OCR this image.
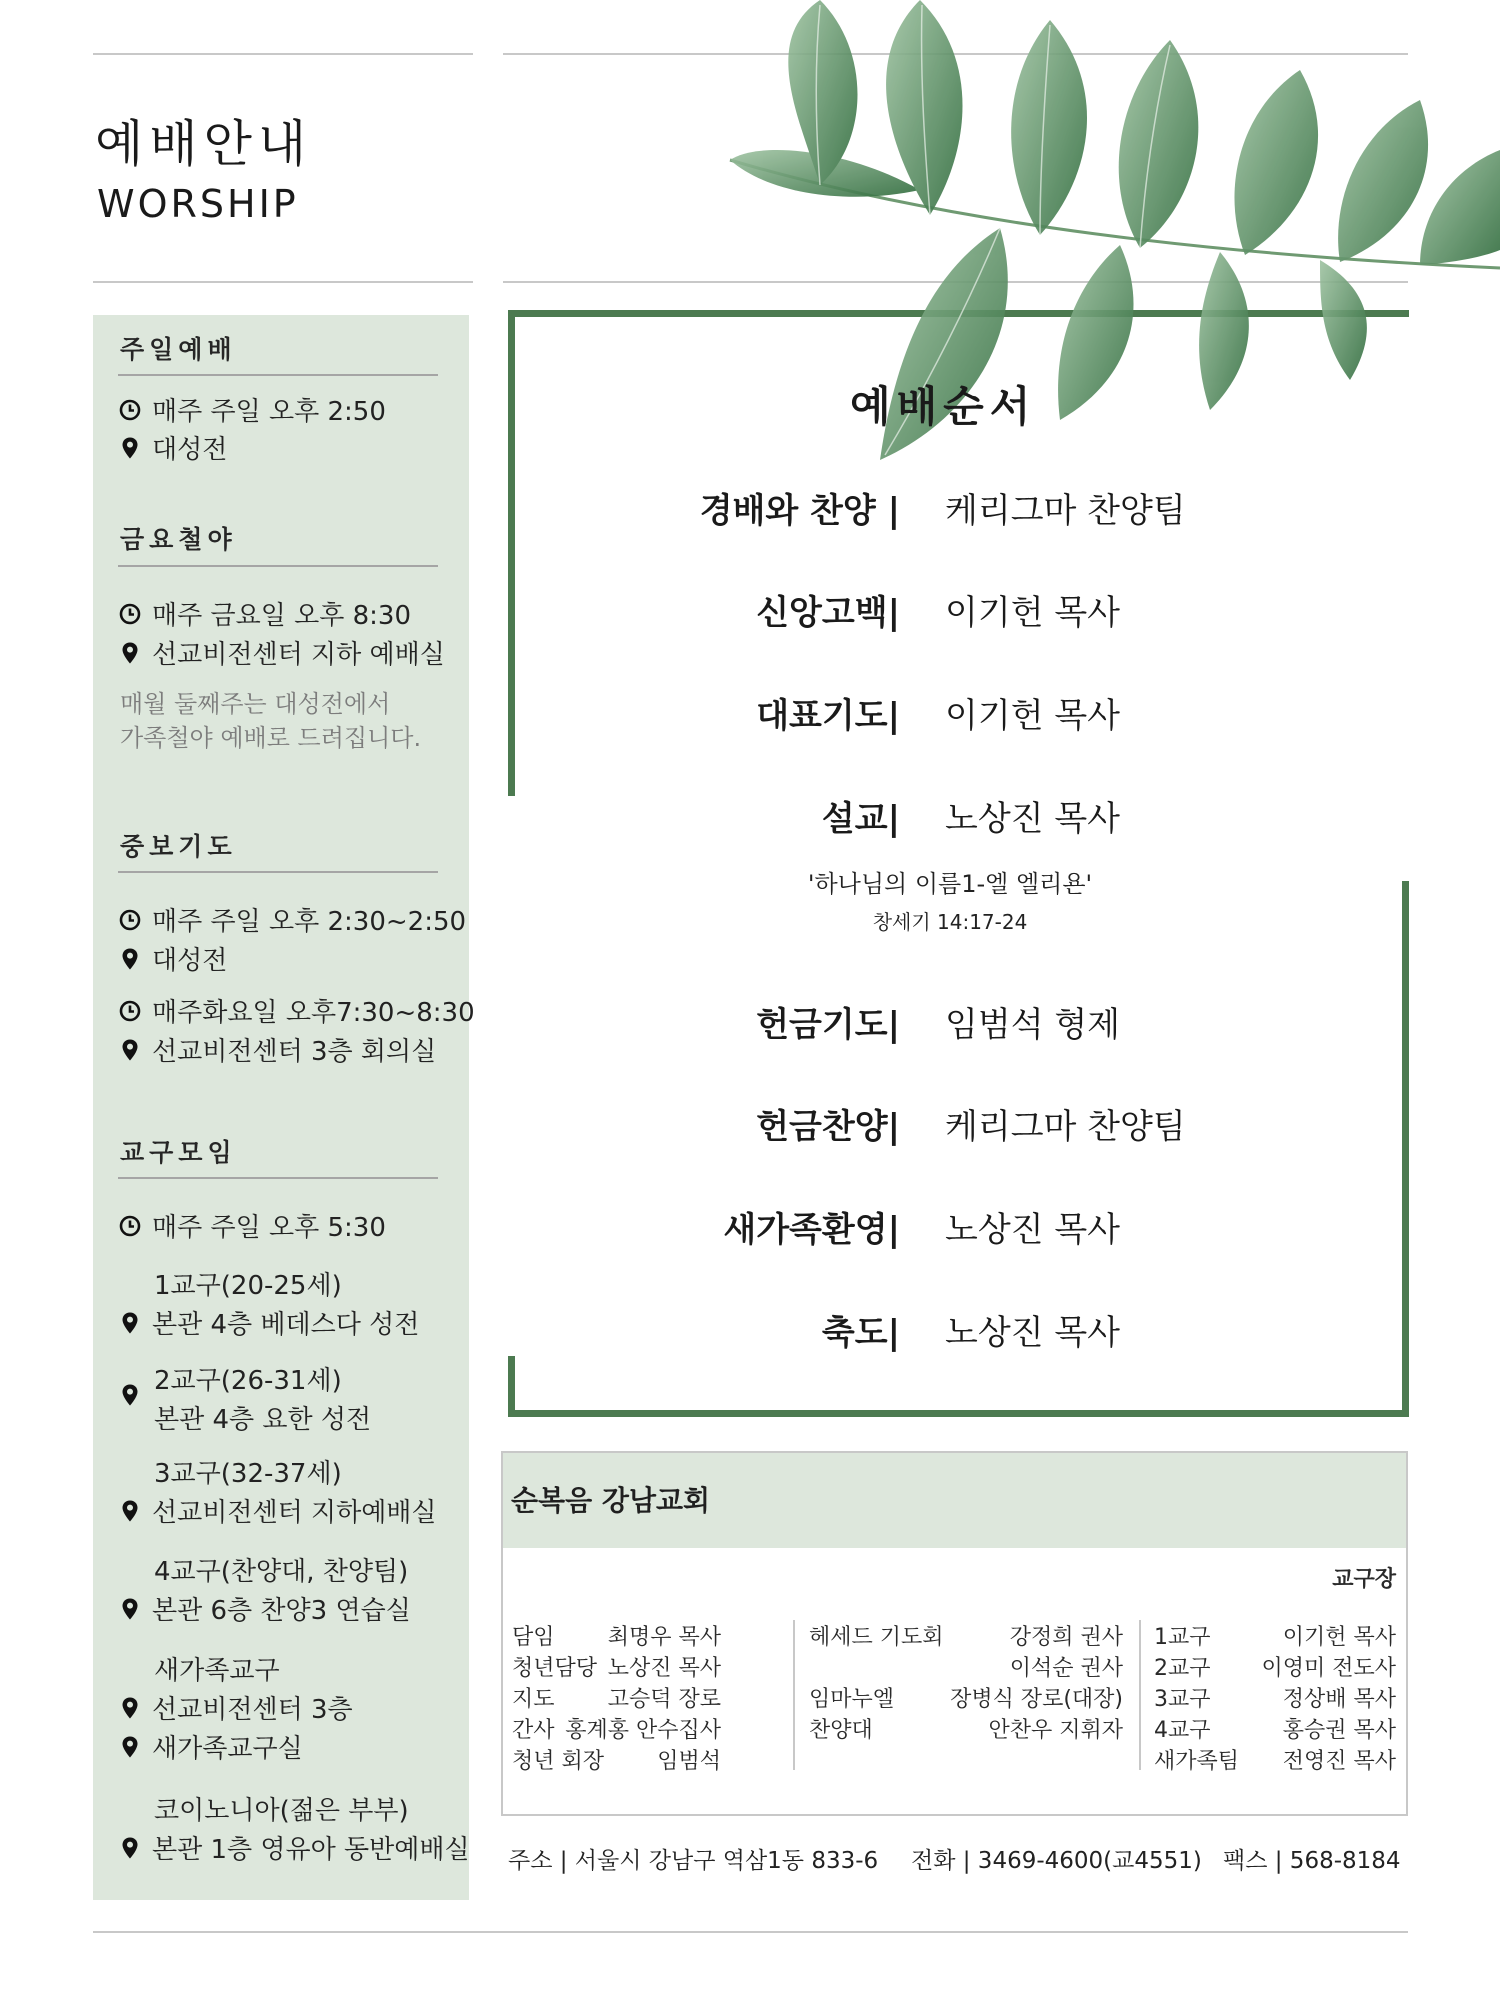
예배안내
WORSHIP
주일예배
매주 주일 오후 2:50
대성전
금요철야
매주 금요일 오후 8:30
선교비전센터 지하 예배실
매월 둘째주는 대성전에서
가족철야 예배로 드려집니다.
중보기도
매주 주일 오후 2:30~2:50
대성전
매주화요일 오후7:30~8:30
선교비전센터 3층 회의실
교구모임
매주 주일 오후 5:30
1교구(20-25세)
본관 4층 베데스다 성전
2교구(26-31세)
본관 4층 요한 성전
3교구(32-37세)
선교비전센터 지하예배실
4교구(찬양대, 찬양팀)
본관 6층 찬양3 연습실
새가족교구
선교비전센터 3층
새가족교구실
코이노니아(젊은 부부)
본관 1층 영유아 동반예배실
예배순서
경배와 찬양 | 케리그마 찬양팀
신앙고백| 이기헌 목사
대표기도| 이기헌 목사
설교| 노상진 목사
'하나님의 이름1-엘 엘리욘'
창세기 14:17-24
헌금기도| 임범석 형제
헌금찬양| 케리그마 찬양팀
새가족환영| 노상진 목사
축도| 노상진 목사
순복음 강남교회
교구장
담임
청년담당
지도
간사
청년 회장
최명우 목사
노상진 목사
고승덕 장로
홍계홍 안수집사
임범석
헤세드 기도회
임마누엘
찬양대
강정희 권사
이석순 권사
장병식 장로(대장)
안찬우 지휘자
1교구
2교구
3교구
4교구
새가족팀
이기헌 목사
이영미 전도사
정상배 목사
홍승권 목사
전영진 목사
주소 | 서울시 강남구 역삼1동 833-6 전화 | 3469-4600(교4551) 팩스 | 568-8184
